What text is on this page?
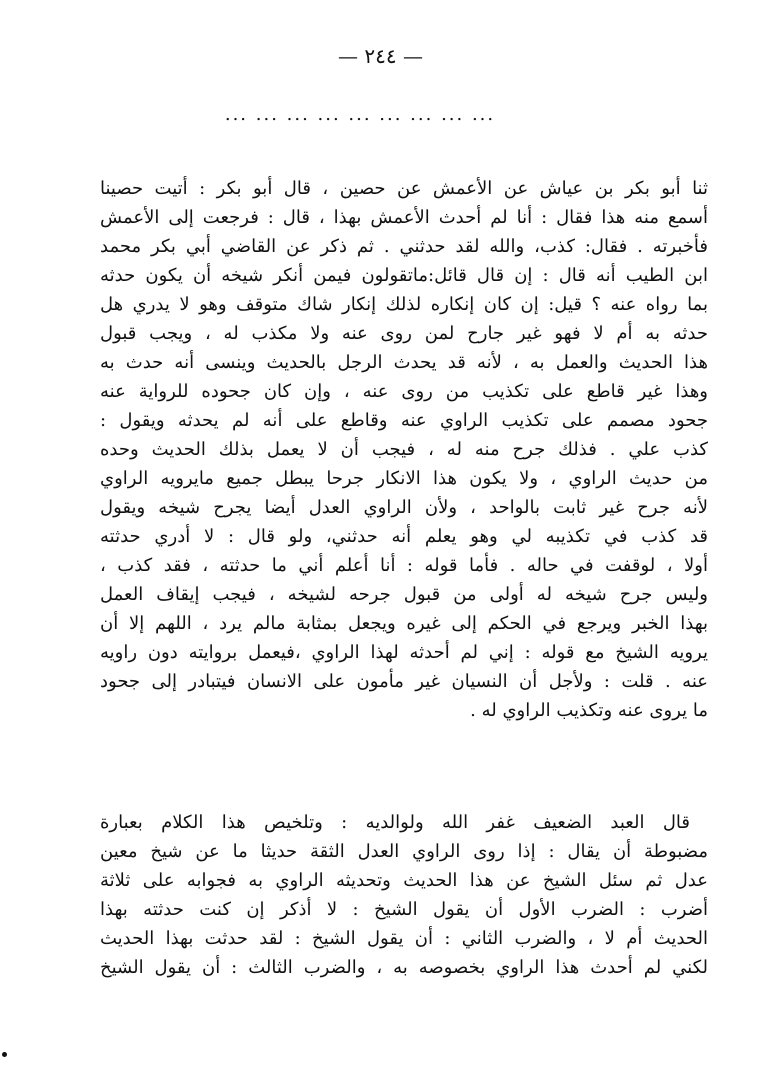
— ٢٤٤ —
... ... ... ... ... ... ... ... ...
ثنا أبو بكر بن عياش عن الأعمش عن حصين ، قال أبو بكر : أتيت حصينا
أسمع منه هذا فقال : أنا لم أحدث الأعمش بهذا ، قال : فرجعت إلى الأعمش
فأخبرته . فقال: كذب، والله لقد حدثني . ثم ذكر عن القاضي أبي بكر محمد
ابن الطيب أنه قال : إن قال قائل:ماتقولون فيمن أنكر شيخه أن يكون حدثه
بما رواه عنه ؟ قيل: إن كان إنكاره لذلك إنكار شاك متوقف وهو لا يدري هل
حدثه به أم لا فهو غير جارح لمن روى عنه ولا مكذب له ، ويجب قبول
هذا الحديث والعمل به ، لأنه قد يحدث الرجل بالحديث وينسى أنه حدث به
وهذا غير قاطع على تكذيب من روى عنه ، وإن كان جحوده للرواية عنه
جحود مصمم على تكذيب الراوي عنه وقاطع على أنه لم يحدثه ويقول :
كذب علي . فذلك جرح منه له ، فيجب أن لا يعمل بذلك الحديث وحده
من حديث الراوي ، ولا يكون هذا الانكار جرحا يبطل جميع مايرويه الراوي
لأنه جرح غير ثابت بالواحد ، ولأن الراوي العدل أيضا يجرح شيخه ويقول
قد كذب في تكذيبه لي وهو يعلم أنه حدثني، ولو قال : لا أدري حدثته
أولا ، لوقفت في حاله . فأما قوله : أنا أعلم أني ما حدثته ، فقد كذب ،
وليس جرح شيخه له أولى من قبول جرحه لشيخه ، فيجب إيقاف العمل
بهذا الخبر ويرجع في الحكم إلى غيره ويجعل بمثابة مالم يرد ، اللهم إلا أن
يرويه الشيخ مع قوله : إني لم أحدثه لهذا الراوي ،فيعمل بروايته دون راويه
عنه . قلت : ولأجل أن النسيان غير مأمون على الانسان فيتبادر إلى جحود
ما يروى عنه وتكذيب الراوي له .
قال العبد الضعيف غفر الله ولوالديه : وتلخيص هذا الكلام بعبارة
مضبوطة أن يقال : إذا روى الراوي العدل الثقة حديثا ما عن شيخ معين
عدل ثم سئل الشيخ عن هذا الحديث وتحديثه الراوي به فجوابه على ثلاثة
أضرب : الضرب الأول أن يقول الشيخ : لا أذكر إن كنت حدثته بهذا
الحديث أم لا ، والضرب الثاني : أن يقول الشيخ : لقد حدثت بهذا الحديث
لكني لم أحدث هذا الراوي بخصوصه به ، والضرب الثالث : أن يقول الشيخ
